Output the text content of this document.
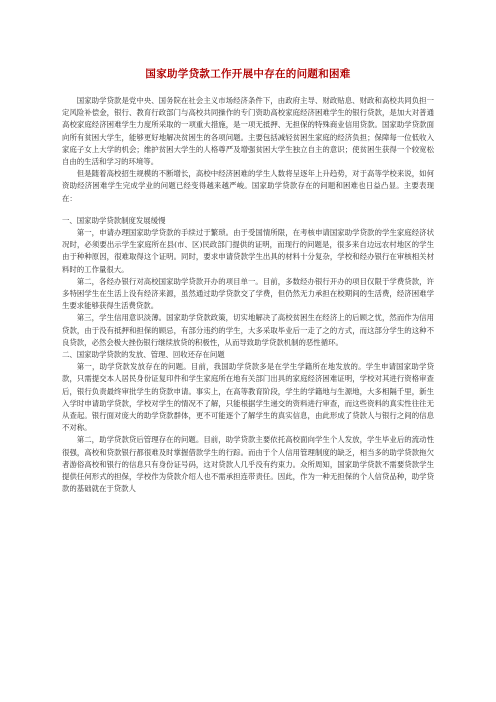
国家助学贷款工作开展中存在的问题和困难

国家助学贷款是党中央、国务院在社会主义市场经济条件下，由政府主导、财政贴息、财政和高校共同负担一定风险补偿金，银行、教育行政部门与高校共同操作的专门资助高校家庭经济困难学生的银行贷款，是加大对普通高校家庭经济困难学生力度所采取的一项重大措施，是一项无抵押、无担保的特殊商业信用贷款。国家助学贷款面向所有贫困大学生，能够更好地解决贫困生的各项问题。主要包括减轻贫困生家庭的经济负担；保障每一位低收入家庭子女上大学的机会；维护贫困大学生的人格尊严及增强贫困大学生独立自主的意识；使贫困生获得一个较宽松自由的生活和学习的环境等。

但是随着高校招生规模的不断增长，高校中经济困难的学生人数将呈逐年上升趋势，对于高等学校来说，如何资助经济困难学生完成学业的问题已经变得越来越严峻。国家助学贷款存在的问题和困难也日益凸显。主要表现在：

一、国家助学贷款制度发展缓慢

第一，申请办理国家助学贷款的手续过于繁琐。由于受国情所限，在考核申请国家助学贷款的学生家庭经济状况时，必须要出示学生家庭所在县(市、区)民政部门提供的证明，而现行的问题是，很多来自边远农村地区的学生由于种种原因，很难取得这个证明。同时，要求申请贷款学生出具的材料十分复杂，学校和经办银行在审核相关材料时的工作量很大。

第二，各经办银行对高校国家助学贷款开办的项目单一。目前，多数经办银行开办的项目仅限于学费贷款，许多特困学生在生活上没有经济来源，虽然通过助学贷款交了学费，但仍然无力承担在校期间的生活费，经济困难学生要求能够获得生活费贷款。

第三，学生信用意识淡薄。国家助学贷款政策，切实地解决了高校贫困生在经济上的后顾之忧，然而作为信用贷款，由于没有抵押和担保的顾忌，有部分违约的学生，大多采取毕业后一走了之的方式，而这部分学生的这种不良贷款，必然会极大挫伤银行继续放贷的积极性，从而导致助学贷款机制的恶性循环。

二、国家助学贷款的发放、管理、回收还存在问题

第一，助学贷款发放存在的问题。目前，我国助学贷款多是在学生学籍所在地发放的。学生申请国家助学贷款，只需提交本人居民身份证复印件和学生家庭所在地有关部门出具的家庭经济困难证明，学校对其进行资格审查后，银行负责最终审批学生的贷款申请。事实上，在高等教育阶段，学生的学籍地与生源地，大多相隔千里，新生入学时申请助学贷款，学校对学生的情况不了解，只能根据学生递交的资料进行审查，而这些资料的真实性往往无从查起。银行面对庞大的助学贷款群体，更不可能逐个了解学生的真实信息，由此形成了贷款人与银行之间的信息不对称。

第二，助学贷款贷后管理存在的问题。目前，助学贷款主要依托高校面向学生个人发放，学生毕业后的流动性很强，高校和贷款银行都很难及时掌握借款学生的行踪。而由于个人信用管理制度的缺乏，相当多的助学贷款拖欠者游俗高校和银行的信息只有身份证号码，这对贷款人几乎没有约束力。众所周知，国家助学贷款不需要贷款学生提供任何形式的担保，学校作为贷款介绍人也不需承担连带责任。因此，作为一种无担保的个人信贷品种，助学贷款的基础就在于贷款人
